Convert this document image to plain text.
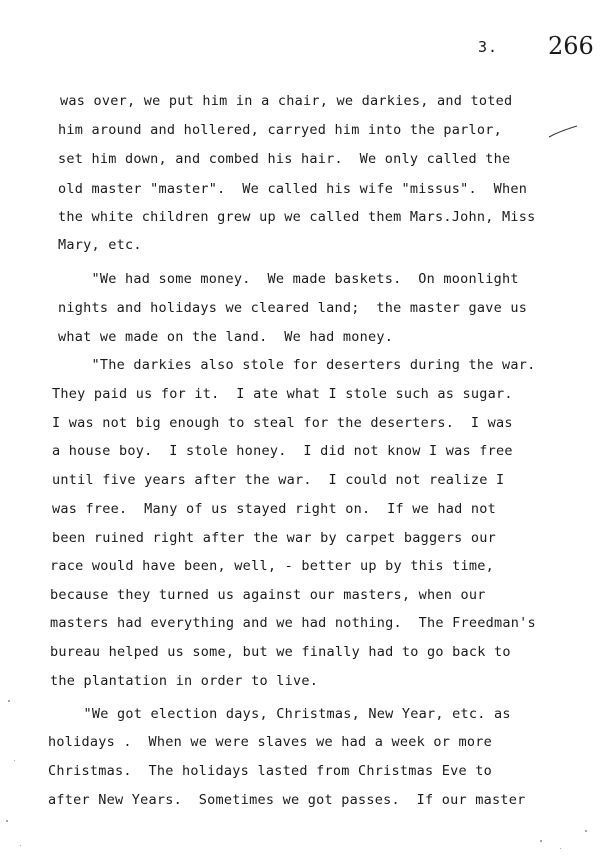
3. 266
was over, we put him in a chair, we darkies, and toted
him around and hollered, carryed him into the parlor,
set him down, and combed his hair.  We only called the
old master "master".  We called his wife "missus".  When
the white children grew up we called them Mars.John, Miss
Mary, etc.
"We had some money.  We made baskets.  On moonlight
nights and holidays we cleared land;  the master gave us
what we made on the land.  We had money.
"The darkies also stole for deserters during the war.
They paid us for it.  I ate what I stole such as sugar.
I was not big enough to steal for the deserters.  I was
a house boy.  I stole honey.  I did not know I was free
until five years after the war.  I could not realize I
was free.  Many of us stayed right on.  If we had not
been ruined right after the war by carpet baggers our
race would have been, well, - better up by this time,
because they turned us against our masters, when our
masters had everything and we had nothing.  The Freedman's
bureau helped us some, but we finally had to go back to
the plantation in order to live.
"We got election days, Christmas, New Year, etc. as
holidays .  When we were slaves we had a week or more
Christmas.  The holidays lasted from Christmas Eve to
after New Years.  Sometimes we got passes.  If our master
